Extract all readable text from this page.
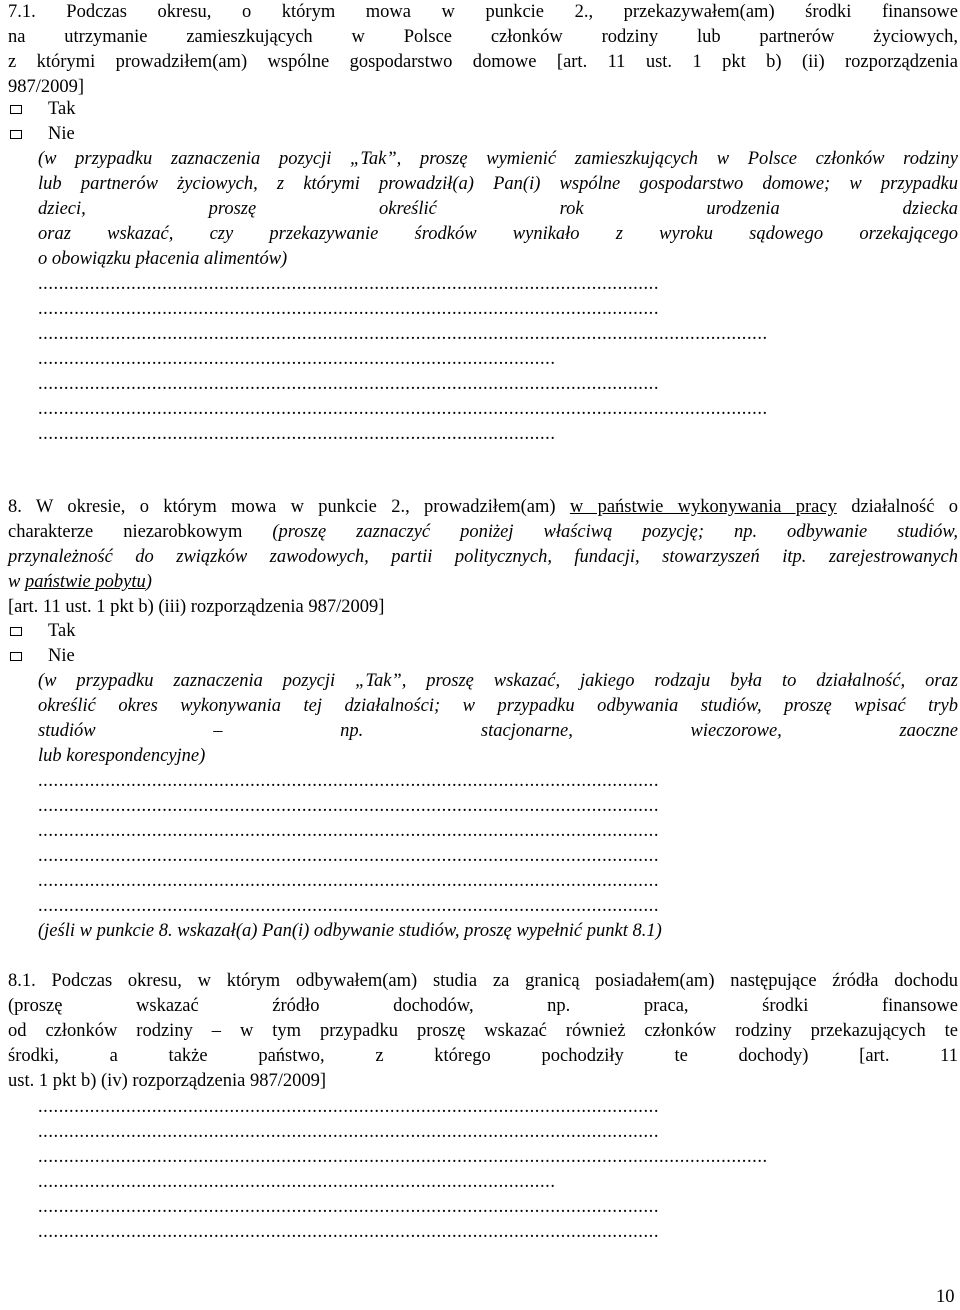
7.1. Podczas okresu, o którym mowa w punkcie 2., przekazywałem(am) środki finansowe
na utrzymanie zamieszkujących w Polsce członków rodziny lub partnerów życiowych,
z którymi prowadziłem(am) wspólne gospodarstwo domowe [art. 11 ust. 1 pkt b) (ii) rozporządzenia
987/2009]
Tak
Nie
(w przypadku zaznaczenia pozycji „Tak”, proszę wymienić zamieszkujących w Polsce członków rodziny
lub partnerów życiowych, z którymi prowadził(a) Pan(i) wspólne gospodarstwo domowe; w przypadku
dzieci, proszę określić rok urodzenia dziecka
oraz wskazać, czy przekazywanie środków wynikało z wyroku sądowego orzekającego
o obowiązku płacenia alimentów)
........................................................................................................................
........................................................................................................................
.............................................................................................................................................
....................................................................................................
........................................................................................................................
.............................................................................................................................................
....................................................................................................
8. W okresie, o którym mowa w punkcie 2., prowadziłem(am) w państwie wykonywania pracy działalność o
charakterze niezarobkowym (proszę zaznaczyć poniżej właściwą pozycję; np. odbywanie studiów,
przynależność do związków zawodowych, partii politycznych, fundacji, stowarzyszeń itp. zarejestrowanych
w państwie pobytu)
[art. 11 ust. 1 pkt b) (iii) rozporządzenia 987/2009]
Tak
Nie
(w przypadku zaznaczenia pozycji „Tak”, proszę wskazać, jakiego rodzaju była to działalność, oraz
określić okres wykonywania tej działalności; w przypadku odbywania studiów, proszę wpisać tryb
studiów – np. stacjonarne, wieczorowe, zaoczne
lub korespondencyjne)
........................................................................................................................
........................................................................................................................
........................................................................................................................
........................................................................................................................
........................................................................................................................
........................................................................................................................
(jeśli w punkcie 8. wskazał(a) Pan(i) odbywanie studiów, proszę wypełnić punkt 8.1)
8.1. Podczas okresu, w którym odbywałem(am) studia za granicą posiadałem(am) następujące źródła dochodu
(proszę wskazać źródło dochodów, np. praca, środki finansowe
od członków rodziny – w tym przypadku proszę wskazać również członków rodziny przekazujących te
środki, a także państwo, z którego pochodziły te dochody) [art. 11
ust. 1 pkt b) (iv) rozporządzenia 987/2009]
........................................................................................................................
........................................................................................................................
.............................................................................................................................................
....................................................................................................
........................................................................................................................
........................................................................................................................
10
